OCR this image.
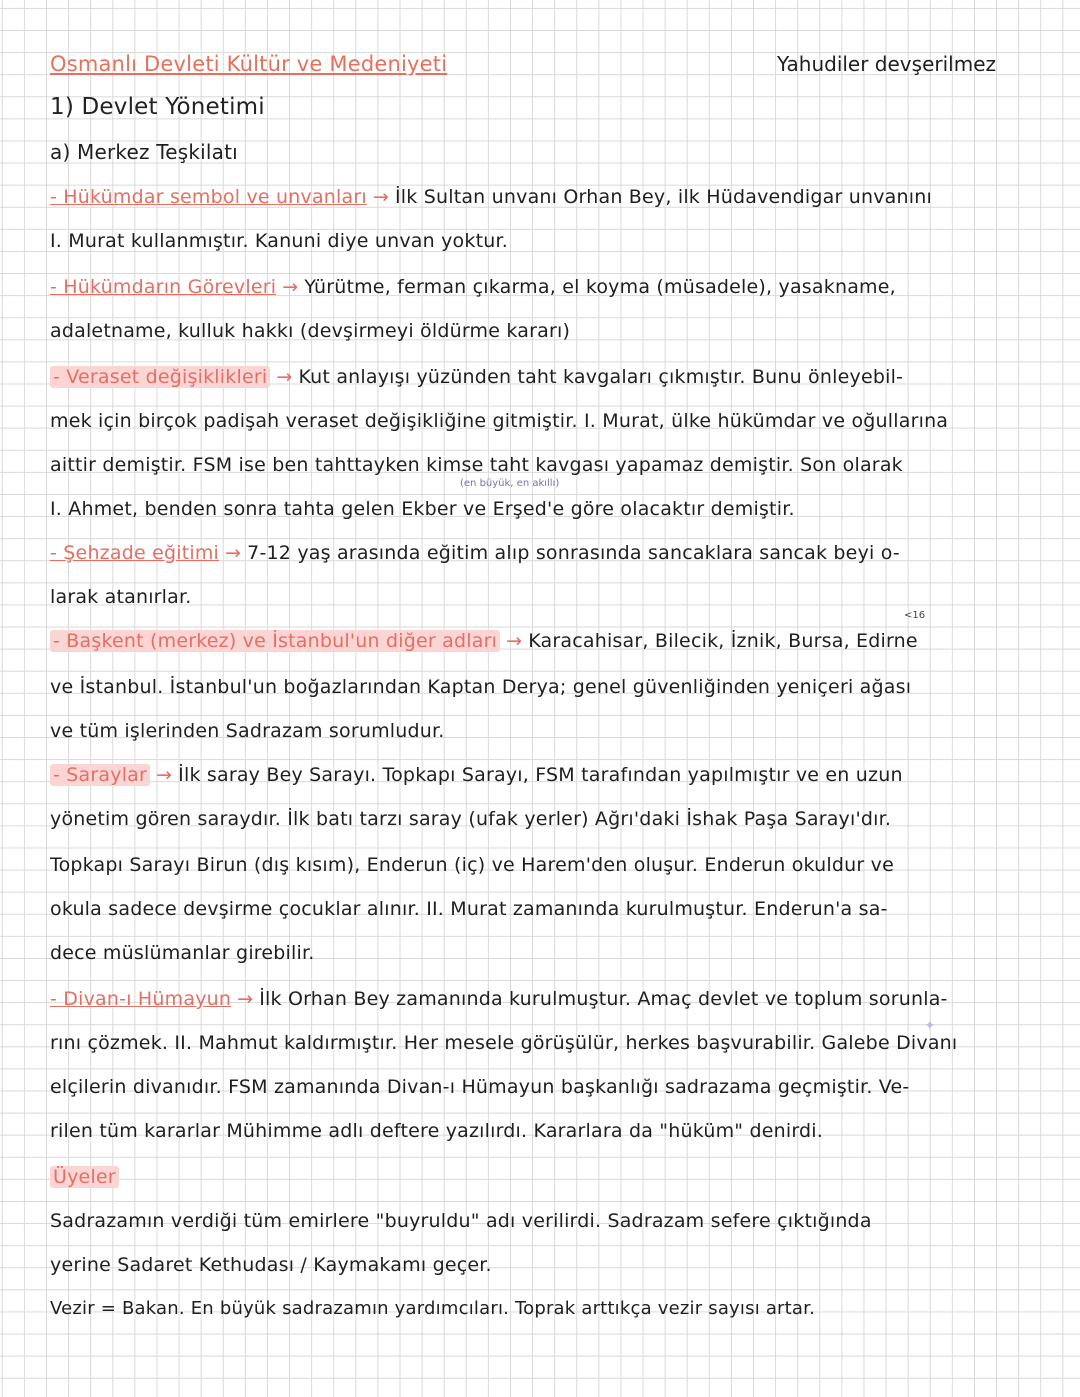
Osmanlı Devleti Kültür ve Medeniyeti	Yahudiler devşerilmez
1) Devlet Yönetimi
a) Merkez Teşkilatı
- Hükümdar sembol ve unvanları → İlk Sultan unvanı Orhan Bey, ilk Hüdavendigar unvanını
I. Murat kullanmıştır. Kanuni diye unvan yoktur.
- Hükümdarın Görevleri → Yürütme, ferman çıkarma, el koyma (müsadele), yasakname,
adaletname, kulluk hakkı (devşirmeyi öldürme kararı)
- Veraset değişiklikleri → Kut anlayışı yüzünden taht kavgaları çıkmıştır. Bunu önleyebil-
mek için birçok padişah veraset değişikliğine gitmiştir. I. Murat, ülke hükümdar ve oğullarına
aittir demiştir. FSM ise ben tahttayken kimse taht kavgası yapamaz demiştir. Son olarak
(en büyük, en akıllı)
I. Ahmet, benden sonra tahta gelen Ekber ve Erşed'e göre olacaktır demiştir.
- Şehzade eğitimi → 7-12 yaş arasında eğitim alıp sonrasında sancaklara sancak beyi o-
larak atanırlar.
<16
- Başkent (merkez) ve İstanbul'un diğer adları → Karacahisar, Bilecik, İznik, Bursa, Edirne
ve İstanbul. İstanbul'un boğazlarından Kaptan Derya; genel güvenliğinden yeniçeri ağası
ve tüm işlerinden Sadrazam sorumludur.
- Saraylar → İlk saray Bey Sarayı. Topkapı Sarayı, FSM tarafından yapılmıştır ve en uzun
yönetim gören saraydır. İlk batı tarzı saray (ufak yerler) Ağrı'daki İshak Paşa Sarayı'dır.
Topkapı Sarayı Birun (dış kısım), Enderun (iç) ve Harem'den oluşur. Enderun okuldur ve
okula sadece devşirme çocuklar alınır. II. Murat zamanında kurulmuştur. Enderun'a sa-
dece müslümanlar girebilir.
- Divan-ı Hümayun → İlk Orhan Bey zamanında kurulmuştur. Amaç devlet ve toplum sorunla-
✦
rını çözmek. II. Mahmut kaldırmıştır. Her mesele görüşülür, herkes başvurabilir. Galebe Divanı
elçilerin divanıdır. FSM zamanında Divan-ı Hümayun başkanlığı sadrazama geçmiştir. Ve-
rilen tüm kararlar Mühimme adlı deftere yazılırdı. Kararlara da "hüküm" denirdi.
Üyeler
Sadrazamın verdiği tüm emirlere "buyruldu" adı verilirdi. Sadrazam sefere çıktığında
yerine Sadaret Kethudası / Kaymakamı geçer.
Vezir = Bakan. En büyük sadrazamın yardımcıları. Toprak arttıkça vezir sayısı artar.
